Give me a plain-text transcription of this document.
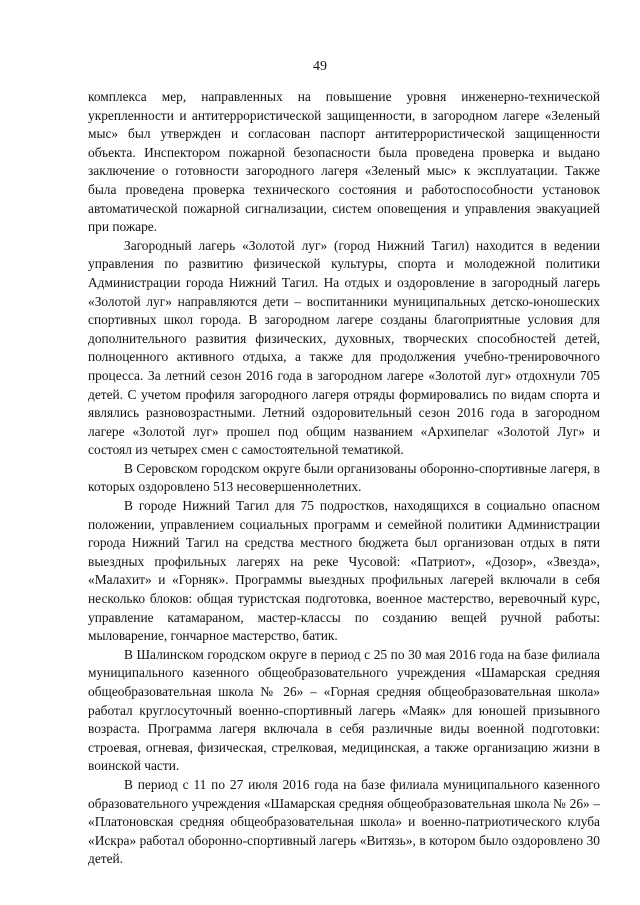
49

комплекса мер, направленных на повышение уровня инженерно-технической укрепленности и антитеррористической защищенности, в загородном лагере «Зеленый мыс» был утвержден и согласован паспорт антитеррористической защищенности объекта. Инспектором пожарной безопасности была проведена проверка и выдано заключение о готовности загородного лагеря «Зеленый мыс» к эксплуатации. Также была проведена проверка технического состояния и работоспособности установок автоматической пожарной сигнализации, систем оповещения и управления эвакуацией при пожаре.

Загородный лагерь «Золотой луг» (город Нижний Тагил) находится в ведении управления по развитию физической культуры, спорта и молодежной политики Администрации города Нижний Тагил. На отдых и оздоровление в загородный лагерь «Золотой луг» направляются дети – воспитанники муниципальных детско-юношеских спортивных школ города. В загородном лагере созданы благоприятные условия для дополнительного развития физических, духовных, творческих способностей детей, полноценного активного отдыха, а также для продолжения учебно-тренировочного процесса. За летний сезон 2016 года в загородном лагере «Золотой луг» отдохнули 705 детей. С учетом профиля загородного лагеря отряды формировались по видам спорта и являлись разновозрастными. Летний оздоровительный сезон 2016 года в загородном лагере «Золотой луг» прошел под общим названием «Архипелаг «Золотой Луг» и состоял из четырех смен с самостоятельной тематикой.

В Серовском городском округе были организованы оборонно-спортивные лагеря, в которых оздоровлено 513 несовершеннолетних.

В городе Нижний Тагил для 75 подростков, находящихся в социально опасном положении, управлением социальных программ и семейной политики Администрации города Нижний Тагил на средства местного бюджета был организован отдых в пяти выездных профильных лагерях на реке Чусовой: «Патриот», «Дозор», «Звезда», «Малахит» и «Горняк». Программы выездных профильных лагерей включали в себя несколько блоков: общая туристская подготовка, военное мастерство, веревочный курс, управление катамараном, мастер-классы по созданию вещей ручной работы: мыловарение, гончарное мастерство, батик.

В Шалинском городском округе в период с 25 по 30 мая 2016 года на базе филиала муниципального казенного общеобразовательного учреждения «Шамарская средняя общеобразовательная школа № 26» – «Горная средняя общеобразовательная школа» работал круглосуточный военно-спортивный лагерь «Маяк» для юношей призывного возраста. Программа лагеря включала в себя различные виды военной подготовки: строевая, огневая, физическая, стрелковая, медицинская, а также организацию жизни в воинской части.

В период с 11 по 27 июля 2016 года на базе филиала муниципального казенного образовательного учреждения «Шамарская средняя общеобразовательная школа № 26» – «Платоновская средняя общеобразовательная школа» и военно-патриотического клуба «Искра» работал оборонно-спортивный лагерь «Витязь», в котором было оздоровлено 30 детей.
